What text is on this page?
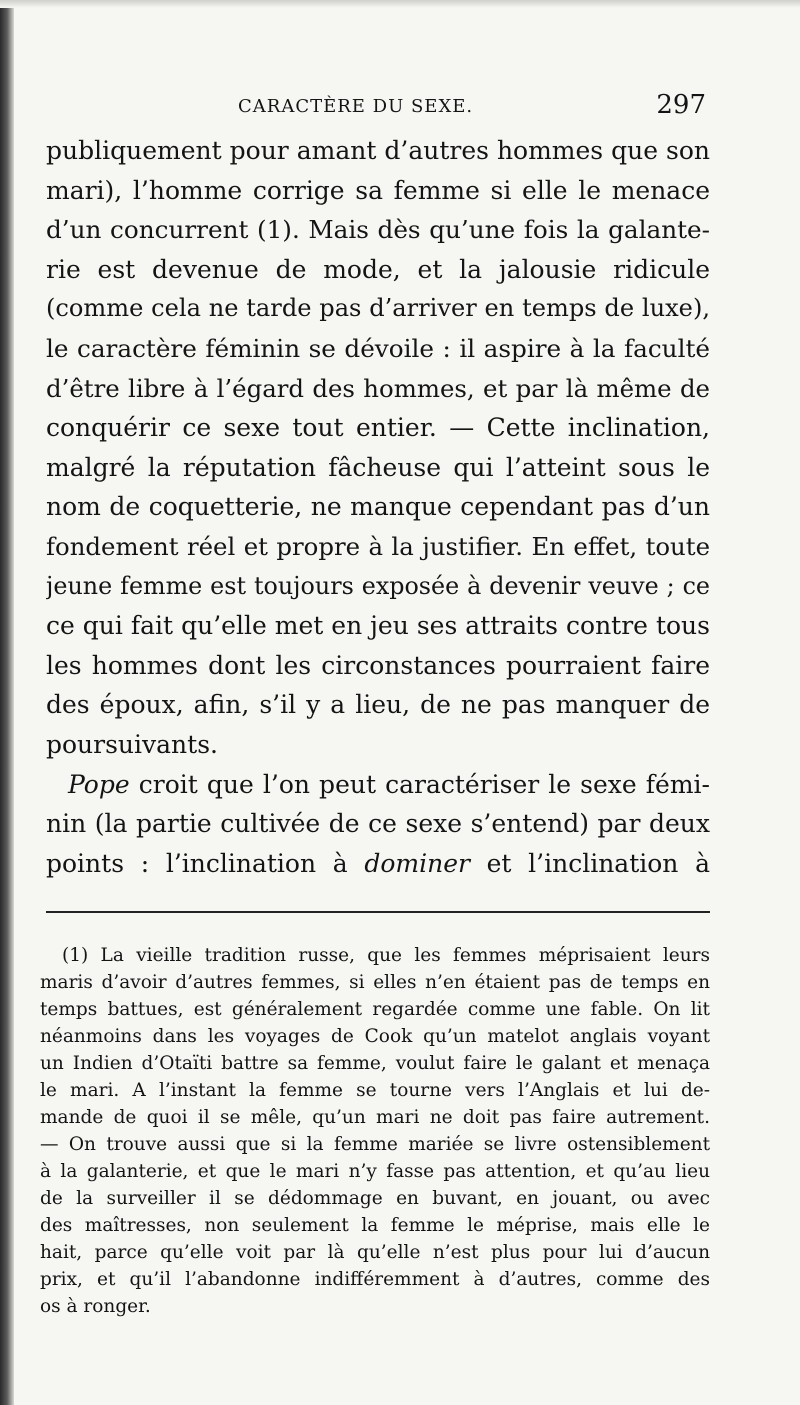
CARACTÈRE DU SEXE.	297
publiquement pour amant d’autres hommes que son
mari), l’homme corrige sa femme si elle le menace
d’un concurrent (1). Mais dès qu’une fois la galante-
rie est devenue de mode, et la jalousie ridicule
(comme cela ne tarde pas d’arriver en temps de luxe),
le caractère féminin se dévoile : il aspire à la faculté
d’être libre à l’égard des hommes, et par là même de
conquérir ce sexe tout entier. — Cette inclination,
malgré la réputation fâcheuse qui l’atteint sous le
nom de coquetterie, ne manque cependant pas d’un
fondement réel et propre à la justifier. En effet, toute
jeune femme est toujours exposée à devenir veuve ; ce
ce qui fait qu’elle met en jeu ses attraits contre tous
les hommes dont les circonstances pourraient faire
des époux, afin, s’il y a lieu, de ne pas manquer de
poursuivants.
Pope croit que l’on peut caractériser le sexe fémi-
nin (la partie cultivée de ce sexe s’entend) par deux
points : l’inclination à dominer et l’inclination à
(1) La vieille tradition russe, que les femmes méprisaient leurs
maris d’avoir d’autres femmes, si elles n’en étaient pas de temps en
temps battues, est généralement regardée comme une fable. On lit
néanmoins dans les voyages de Cook qu’un matelot anglais voyant
un Indien d’Otaïti battre sa femme, voulut faire le galant et menaça
le mari. A l’instant la femme se tourne vers l’Anglais et lui de-
mande de quoi il se mêle, qu’un mari ne doit pas faire autrement.
— On trouve aussi que si la femme mariée se livre ostensiblement
à la galanterie, et que le mari n’y fasse pas attention, et qu’au lieu
de la surveiller il se dédommage en buvant, en jouant, ou avec
des maîtresses, non seulement la femme le méprise, mais elle le
hait, parce qu’elle voit par là qu’elle n’est plus pour lui d’aucun
prix, et qu’il l’abandonne indifféremment à d’autres, comme des
os à ronger.
